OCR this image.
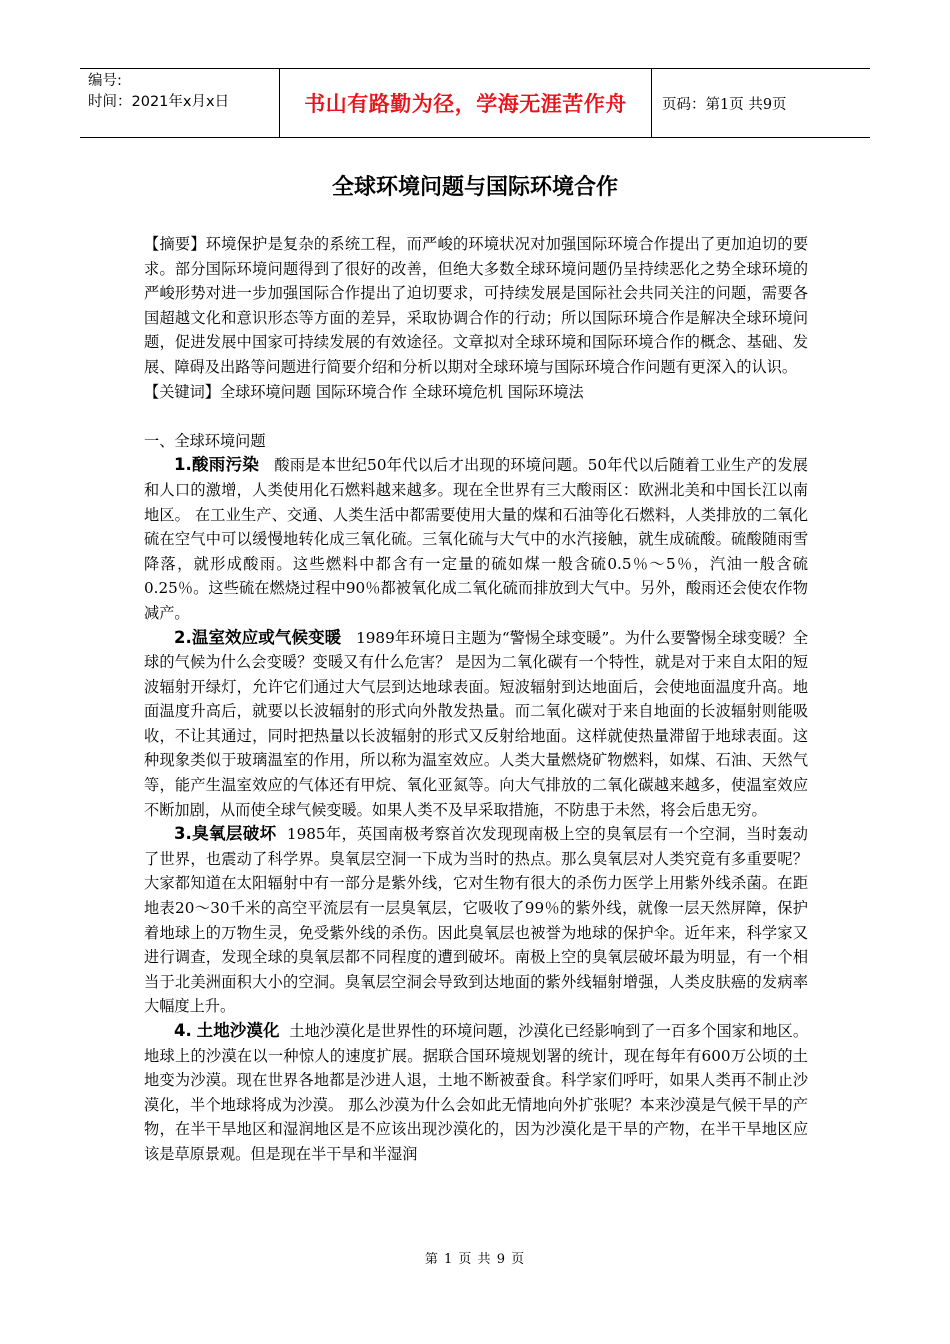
编号:
时间：2021年x月x日	书山有路勤为径，学海无涯苦作舟 页码：第1页 共9页
全球环境问题与国际环境合作

【摘要】环境保护是复杂的系统工程，而严峻的环境状况对加强国际环境合作提出了更加迫切的要求。部分国际环境问题得到了很好的改善，但绝大多数全球环境问题仍呈持续恶化之势全球环境的严峻形势对进一步加强国际合作提出了迫切要求，可持续发展是国际社会共同关注的问题，需要各国超越文化和意识形态等方面的差异，采取协调合作的行动；所以国际环境合作是解决全球环境问题，促进发展中国家可持续发展的有效途径。文章拟对全球环境和国际环境合作的概念、基础、发展、障碍及出路等问题进行简要介绍和分析以期对全球环境与国际环境合作问题有更深入的认识。

【关键词】全球环境问题 国际环境合作 全球环境危机 国际环境法

一、全球环境问题

1.酸雨污染 酸雨是本世纪50年代以后才出现的环境问题。50年代以后随着工业生产的发展和人口的激增，人类使用化石燃料越来越多。现在全世界有三大酸雨区：欧洲北美和中国长江以南地区。 在工业生产、交通、人类生活中都需要使用大量的煤和石油等化石燃料，人类排放的二氧化硫在空气中可以缓慢地转化成三氧化硫。三氧化硫与大气中的水汽接触，就生成硫酸。硫酸随雨雪降落，就形成酸雨。这些燃料中都含有一定量的硫如煤一般含硫0.5％～5％，汽油一般含硫0.25％。这些硫在燃烧过程中90％都被氧化成二氧化硫而排放到大气中。另外，酸雨还会使农作物减产。

2.温室效应或气候变暖 1989年环境日主题为“警惕全球变暖”。为什么要警惕全球变暖？全球的气候为什么会变暖？变暖又有什么危害？ 是因为二氧化碳有一个特性，就是对于来自太阳的短波辐射开绿灯，允许它们通过大气层到达地球表面。短波辐射到达地面后，会使地面温度升高。地面温度升高后，就要以长波辐射的形式向外散发热量。而二氧化碳对于来自地面的长波辐射则能吸收，不让其通过，同时把热量以长波辐射的形式又反射给地面。这样就使热量滞留于地球表面。这种现象类似于玻璃温室的作用，所以称为温室效应。人类大量燃烧矿物燃料，如煤、石油、天然气等，能产生温室效应的气体还有甲烷、氧化亚氮等。向大气排放的二氧化碳越来越多，使温室效应不断加剧，从而使全球气候变暖。如果人类不及早采取措施，不防患于未然，将会后患无穷。

3.臭氧层破坏 1985年，英国南极考察首次发现现南极上空的臭氧层有一个空洞，当时轰动了世界，也震动了科学界。臭氧层空洞一下成为当时的热点。那么臭氧层对人类究竟有多重要呢？大家都知道在太阳辐射中有一部分是紫外线，它对生物有很大的杀伤力医学上用紫外线杀菌。在距地表20～30千米的高空平流层有一层臭氧层，它吸收了99％的紫外线，就像一层天然屏障，保护着地球上的万物生灵，免受紫外线的杀伤。因此臭氧层也被誉为地球的保护伞。近年来，科学家又进行调查，发现全球的臭氧层都不同程度的遭到破坏。南极上空的臭氧层破坏最为明显，有一个相当于北美洲面积大小的空洞。臭氧层空洞会导致到达地面的紫外线辐射增强，人类皮肤癌的发病率大幅度上升。

4. 土地沙漠化 土地沙漠化是世界性的环境问题，沙漠化已经影响到了一百多个国家和地区。地球上的沙漠在以一种惊人的速度扩展。据联合国环境规划署的统计，现在每年有600万公顷的土地变为沙漠。现在世界各地都是沙进人退，土地不断被蚕食。科学家们呼吁，如果人类再不制止沙漠化，半个地球将成为沙漠。 那么沙漠为什么会如此无情地向外扩张呢？本来沙漠是气候干旱的产物，在半干旱地区和湿润地区是不应该出现沙漠化的，因为沙漠化是干旱的产物，在半干旱地区应该是草原景观。但是现在半干旱和半湿润

第 1 页 共 9 页
